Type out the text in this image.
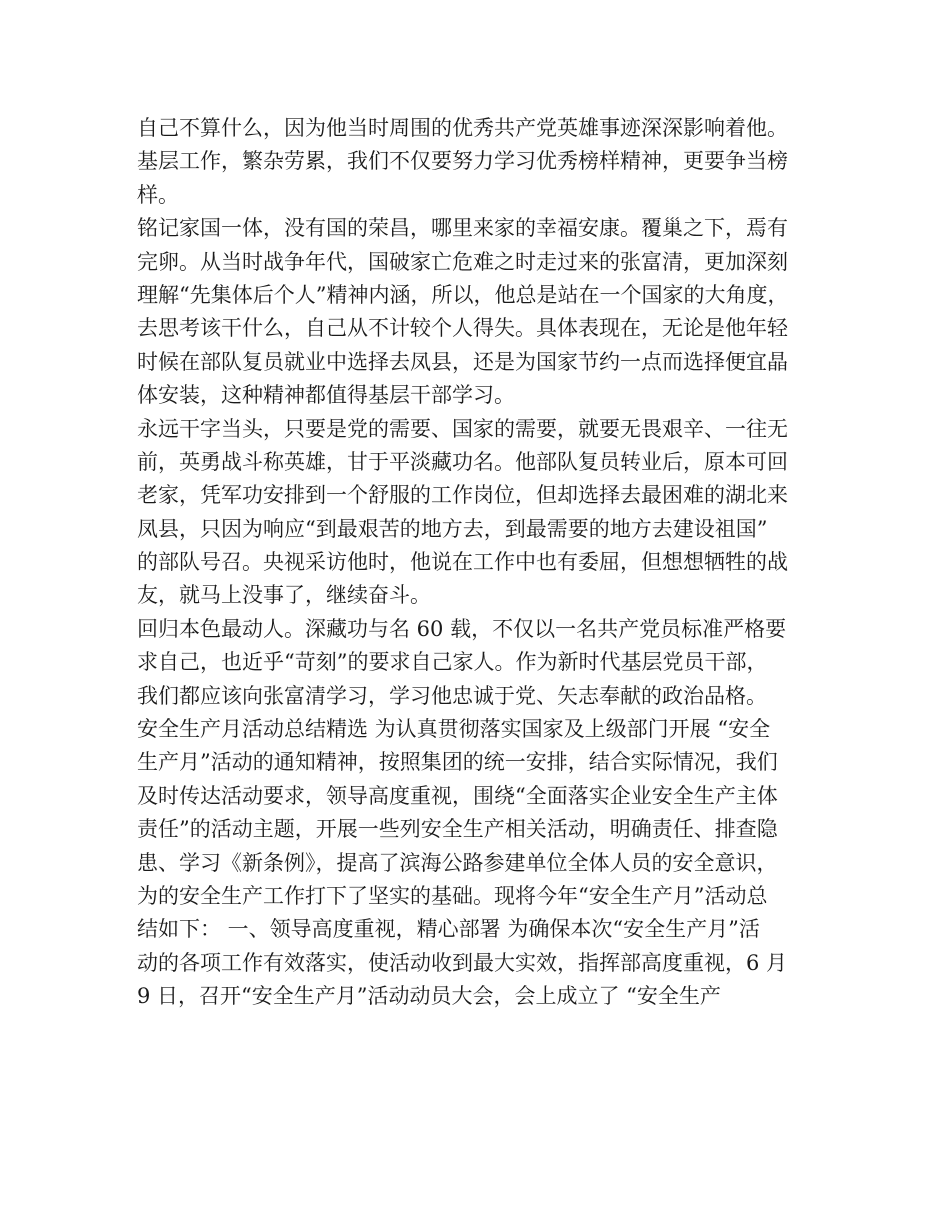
自己不算什么，因为他当时周围的优秀共产党英雄事迹深深影响着他。
基层工作，繁杂劳累，我们不仅要努力学习优秀榜样精神，更要争当榜
样。
铭记家国一体，没有国的荣昌，哪里来家的幸福安康。覆巢之下，焉有
完卵。从当时战争年代，国破家亡危难之时走过来的张富清，更加深刻
理解“先集体后个人”精神内涵，所以，他总是站在一个国家的大角度，
去思考该干什么，自己从不计较个人得失。具体表现在，无论是他年轻
时候在部队复员就业中选择去凤县，还是为国家节约一点而选择便宜晶
体安装，这种精神都值得基层干部学习。
永远干字当头，只要是党的需要、国家的需要，就要无畏艰辛、一往无
前，英勇战斗称英雄，甘于平淡藏功名。他部队复员转业后，原本可回
老家，凭军功安排到一个舒服的工作岗位，但却选择去最困难的湖北来
凤县，只因为响应“到最艰苦的地方去，到最需要的地方去建设祖国”
的部队号召。央视采访他时，他说在工作中也有委屈，但想想牺牲的战
友，就马上没事了，继续奋斗。
回归本色最动人。深藏功与名 60 载，不仅以一名共产党员标准严格要
求自己，也近乎“苛刻”的要求自己家人。作为新时代基层党员干部，
我们都应该向张富清学习，学习他忠诚于党、矢志奉献的政治品格。
安全生产月活动总结精选 为认真贯彻落实国家及上级部门开展 “安全
生产月”活动的通知精神，按照集团的统一安排，结合实际情况，我们
及时传达活动要求，领导高度重视，围绕“全面落实企业安全生产主体
责任”的活动主题，开展一些列安全生产相关活动，明确责任、排查隐
患、学习《新条例》，提高了滨海公路参建单位全体人员的安全意识，
为的安全生产工作打下了坚实的基础。现将今年“安全生产月”活动总
结如下： 一、领导高度重视，精心部署 为确保本次“安全生产月”活
动的各项工作有效落实，使活动收到最大实效，指挥部高度重视，6 月
9 日，召开“安全生产月”活动动员大会，会上成立了 “安全生产
